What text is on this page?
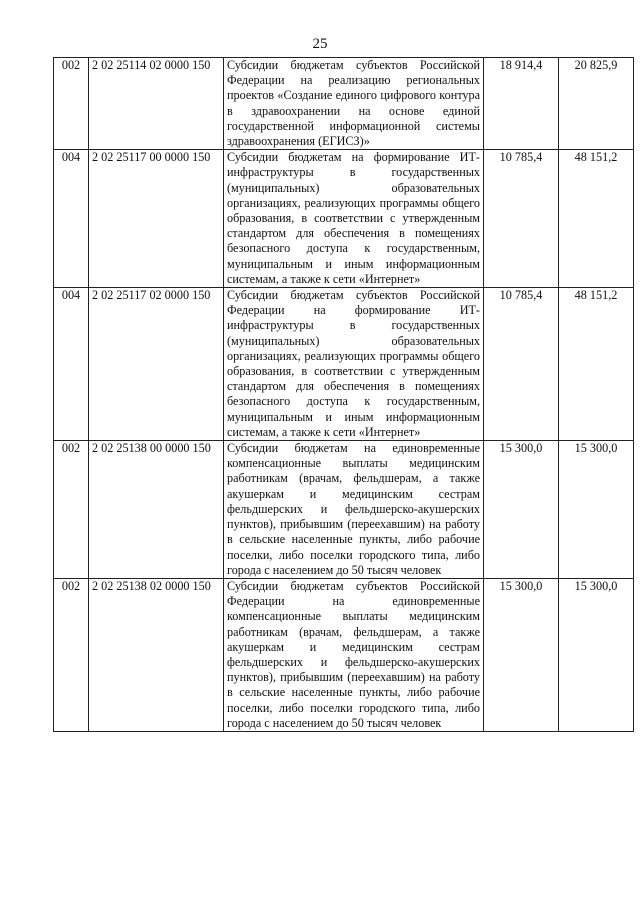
25
002	2 02 25114 02 0000 150	Субсидии бюджетам субъектов Российской Федерации на реализацию региональных проектов «Создание единого цифрового контура в здравоохранении на основе единой государственной информационной системы здравоохранения (ЕГИСЗ)»	18 914,4	20 825,9
004	2 02 25117 00 0000 150	Субсидии бюджетам на формирование ИТ-инфраструктуры в государственных (муниципальных) образовательных организациях, реализующих программы общего образования, в соответствии с утвержденным стандартом для обеспечения в помещениях безопасного доступа к государственным, муниципальным и иным информационным системам, а также к сети «Интернет»	10 785,4	48 151,2
004	2 02 25117 02 0000 150	Субсидии бюджетам субъектов Российской Федерации на формирование ИТ-инфраструктуры в государственных (муниципальных) образовательных организациях, реализующих программы общего образования, в соответствии с утвержденным стандартом для обеспечения в помещениях безопасного доступа к государственным, муниципальным и иным информационным системам, а также к сети «Интернет»	10 785,4	48 151,2
002	2 02 25138 00 0000 150	Субсидии бюджетам на единовременные компенсационные выплаты медицинским работникам (врачам, фельдшерам, а также акушеркам и медицинским сестрам фельдшерских и фельдшерско-акушерских пунктов), прибывшим (переехавшим) на работу в сельские населенные пункты, либо рабочие поселки, либо поселки городского типа, либо города с населением до 50 тысяч человек	15 300,0	15 300,0
002	2 02 25138 02 0000 150	Субсидии бюджетам субъектов Российской Федерации на единовременные компенсационные выплаты медицинским работникам (врачам, фельдшерам, а также акушеркам и медицинским сестрам фельдшерских и фельдшерско-акушерских пунктов), прибывшим (переехавшим) на работу в сельские населенные пункты, либо рабочие поселки, либо поселки городского типа, либо города с населением до 50 тысяч человек	15 300,0	15 300,0
